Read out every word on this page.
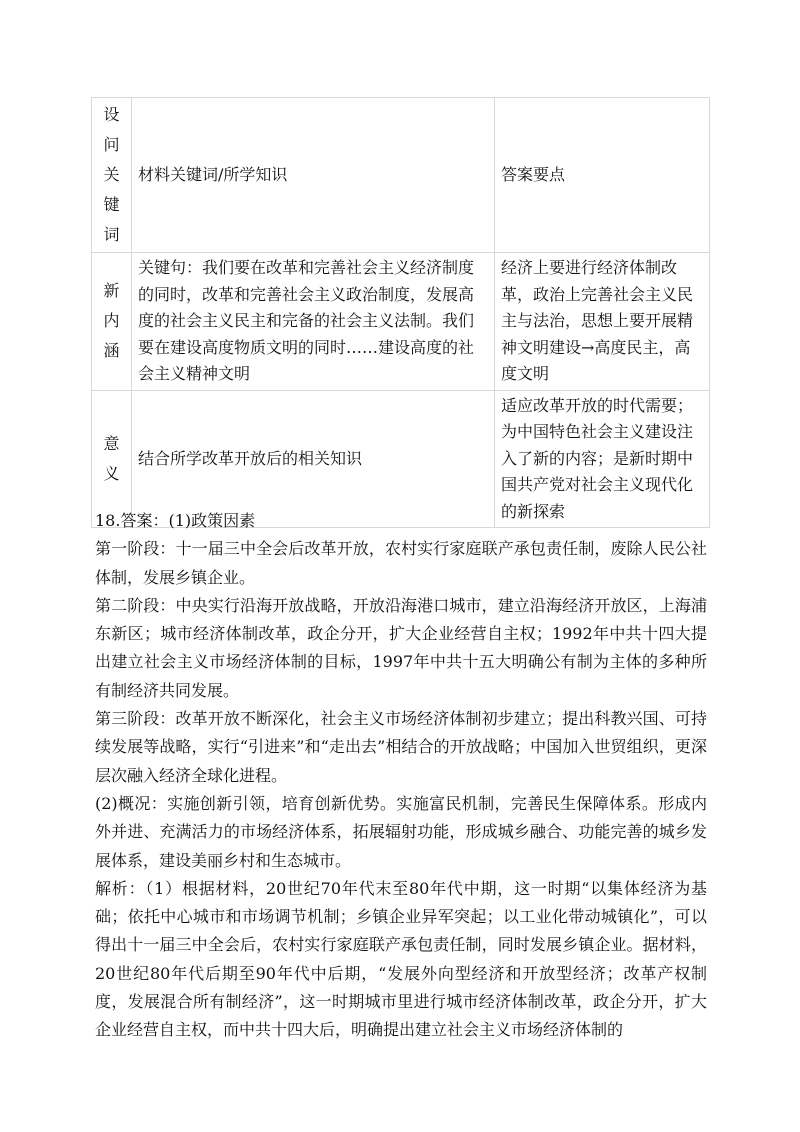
设问关键词	材料关键词/所学知识	答案要点
新内涵	关键句：我们要在改革和完善社会主义经济制度的同时，改革和完善社会主义政治制度，发展高度的社会主义民主和完备的社会主义法制。我们要在建设高度物质文明的同时……建设高度的社会主义精神文明	经济上要进行经济体制改革，政治上完善社会主义民主与法治，思想上要开展精神文明建设→高度民主，高度文明
意义	结合所学改革开放后的相关知识	适应改革开放的时代需要；为中国特色社会主义建设注入了新的内容；是新时期中国共产党对社会主义现代化的新探索

18.答案：(1)政策因素

第一阶段：十一届三中全会后改革开放，农村实行家庭联产承包责任制，废除人民公社体制，发展乡镇企业。

第二阶段：中央实行沿海开放战略，开放沿海港口城市，建立沿海经济开放区，上海浦东新区；城市经济体制改革，政企分开，扩大企业经营自主权；1992年中共十四大提出建立社会主义市场经济体制的目标，1997年中共十五大明确公有制为主体的多种所有制经济共同发展。

第三阶段：改革开放不断深化，社会主义市场经济体制初步建立；提出科教兴国、可持续发展等战略，实行“引进来”和“走出去”相结合的开放战略；中国加入世贸组织，更深层次融入经济全球化进程。

(2)概况：实施创新引领，培育创新优势。实施富民机制，完善民生保障体系。形成内外并进、充满活力的市场经济体系，拓展辐射功能，形成城乡融合、功能完善的城乡发展体系，建设美丽乡村和生态城市。

解析：（1）根据材料，20世纪70年代末至80年代中期，这一时期“以集体经济为基础；依托中心城市和市场调节机制；乡镇企业异军突起；以工业化带动城镇化”，可以得出十一届三中全会后，农村实行家庭联产承包责任制，同时发展乡镇企业。据材料，20世纪80年代后期至90年代中后期，“发展外向型经济和开放型经济；改革产权制度，发展混合所有制经济”，这一时期城市里进行城市经济体制改革，政企分开，扩大企业经营自主权，而中共十四大后，明确提出建立社会主义市场经济体制的
